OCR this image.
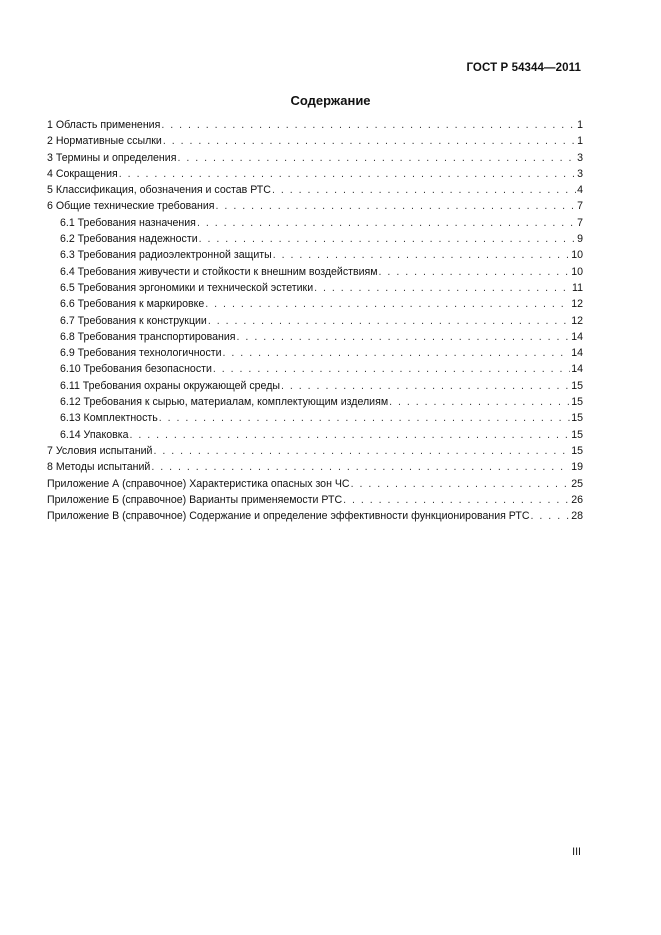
ГОСТ Р 54344—2011
Содержание
1 Область применения . . .	1
2 Нормативные ссылки . . .	1
3 Термины и определения . . .	3
4 Сокращения . . .	3
5 Классификация, обозначения и состав РТС . . .	4
6 Общие технические требования . . .	7
6.1 Требования назначения . . .	7
6.2 Требования надежности . . .	9
6.3 Требования радиоэлектронной защиты . . .	10
6.4 Требования живучести и стойкости к внешним воздействиям . . .	10
6.5 Требования эргономики и технической эстетики . . .	11
6.6 Требования к маркировке . . .	12
6.7 Требования к конструкции . . .	12
6.8 Требования транспортирования . . .	14
6.9 Требования технологичности . . .	14
6.10 Требования безопасности . . .	14
6.11 Требования охраны окружающей среды . . .	15
6.12 Требования к сырью, материалам, комплектующим изделиям . . .	15
6.13 Комплектность . . .	15
6.14 Упаковка . . .	15
7 Условия испытаний . . .	15
8 Методы испытаний . . .	19
Приложение А (справочное) Характеристика опасных зон ЧС . . .	25
Приложение Б (справочное) Варианты применяемости РТС . . .	26
Приложение В (справочное) Содержание и определение эффективности функционирования РТС . . .	28
III
